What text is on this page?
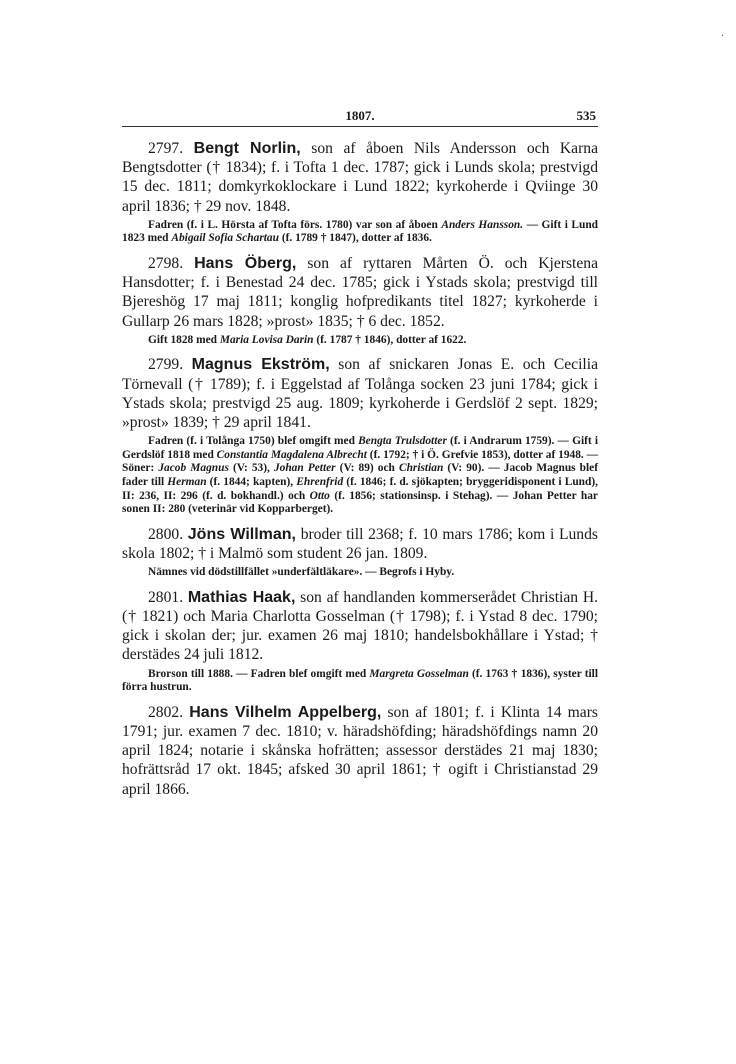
·
1807.	535

2797. Bengt Norlin, son af åboen Nils Andersson och Karna Bengtsdotter († 1834); f. i Tofta 1 dec. 1787; gick i Lunds skola; prestvigd 15 dec. 1811; domkyrkoklockare i Lund 1822; kyrkoherde i Qviinge 30 april 1836; † 29 nov. 1848.

Fadren (f. i L. Hörsta af Tofta förs. 1780) var son af åboen Anders Hansson. — Gift i Lund 1823 med Abigail Sofia Schartau (f. 1789 † 1847), dotter af 1836.

2798. Hans Öberg, son af ryttaren Mårten Ö. och Kjerstena Hansdotter; f. i Benestad 24 dec. 1785; gick i Ystads skola; prestvigd till Bjereshög 17 maj 1811; konglig hofpredikants titel 1827; kyrkoherde i Gullarp 26 mars 1828; »prost» 1835; † 6 dec. 1852.

Gift 1828 med Maria Lovisa Darin (f. 1787 † 1846), dotter af 1622.

2799. Magnus Ekström, son af snickaren Jonas E. och Cecilia Törnevall († 1789); f. i Eggelstad af Tolånga socken 23 juni 1784; gick i Ystads skola; prestvigd 25 aug. 1809; kyrkoherde i Gerdslöf 2 sept. 1829; »prost» 1839; † 29 april 1841.

Fadren (f. i Tolånga 1750) blef omgift med Bengta Trulsdotter (f. i Andrarum 1759). — Gift i Gerdslöf 1818 med Constantia Magdalena Albrecht (f. 1792; † i Ö. Grefvie 1853), dotter af 1948. — Söner: Jacob Magnus (V: 53), Johan Petter (V: 89) och Christian (V: 90). — Jacob Magnus blef fader till Herman (f. 1844; kapten), Ehrenfrid (f. 1846; f. d. sjökapten; bryggeridisponent i Lund), II: 236, II: 296 (f. d. bokhandl.) och Otto (f. 1856; stationsinsp. i Stehag). — Johan Petter har sonen II: 280 (veterinär vid Kopparberget).

2800. Jöns Willman, broder till 2368; f. 10 mars 1786; kom i Lunds skola 1802; † i Malmö som student 26 jan. 1809.

Nämnes vid dödstillfället »underfältläkare». — Begrofs i Hyby.

2801. Mathias Haak, son af handlanden kommerserådet Christian H. († 1821) och Maria Charlotta Gosselman († 1798); f. i Ystad 8 dec. 1790; gick i skolan der; jur. examen 26 maj 1810; handelsbokhållare i Ystad; † derstädes 24 juli 1812.

Brorson till 1888. — Fadren blef omgift med Margreta Gosselman (f. 1763 † 1836), syster till förra hustrun.

2802. Hans Vilhelm Appelberg, son af 1801; f. i Klinta 14 mars 1791; jur. examen 7 dec. 1810; v. häradshöfding; häradshöfdings namn 20 april 1824; notarie i skånska hofrätten; assessor derstädes 21 maj 1830; hofrättsråd 17 okt. 1845; afsked 30 april 1861; † ogift i Christianstad 29 april 1866.
